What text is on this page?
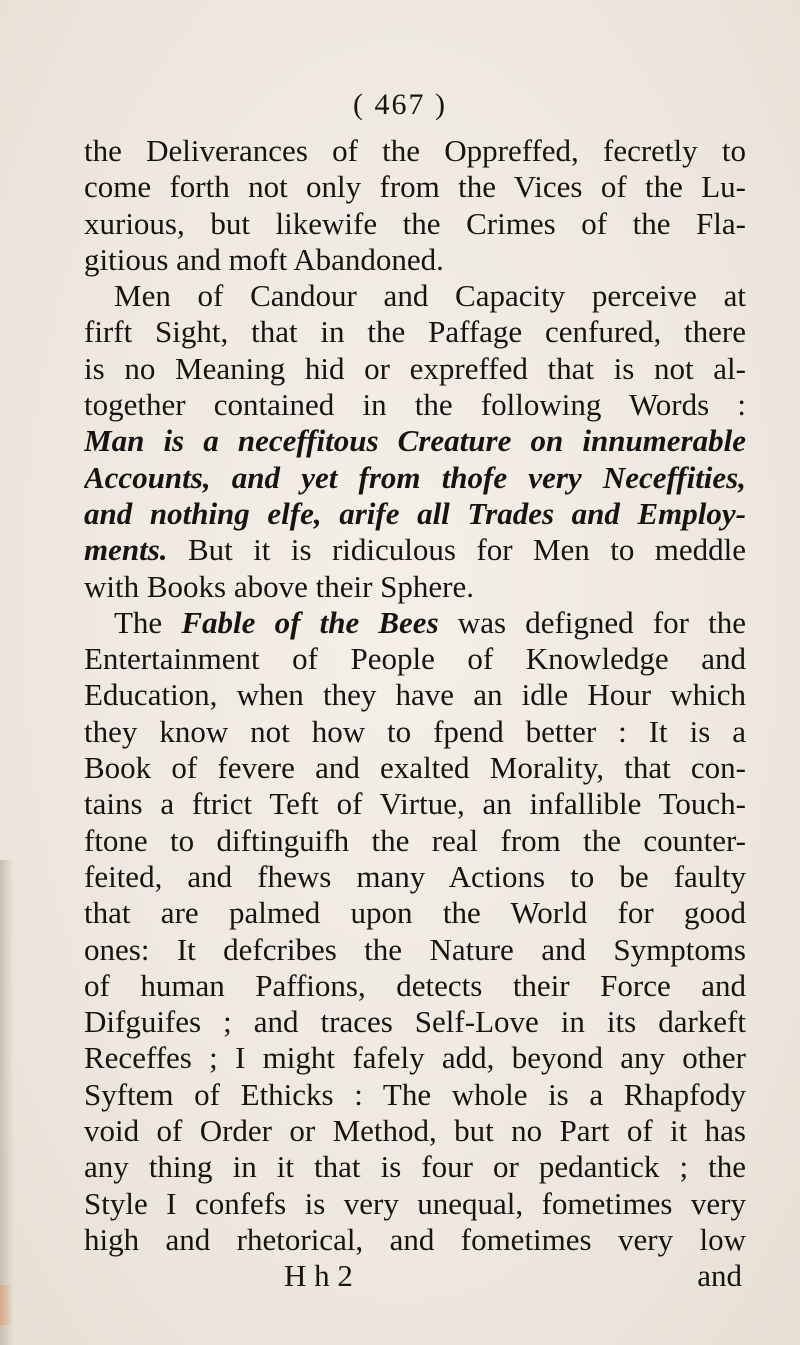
( 467 )
the Deliverances of the Oppreffed, fecretly to
come forth not only from the Vices of the Lu-
xurious, but likewife the Crimes of the Fla-
gitious and moft Abandoned.
Men of Candour and Capacity perceive at
firft Sight, that in the Paffage cenfured, there
is no Meaning hid or expreffed that is not al-
together contained in the following Words :
Man is a neceffitous Creature on innumerable
Accounts, and yet from thofe very Neceffities,
and nothing elfe, arife all Trades and Employ-
ments. But it is ridiculous for Men to meddle
with Books above their Sphere.
The Fable of the Bees was defigned for the
Entertainment of People of Knowledge and
Education, when they have an idle Hour which
they know not how to fpend better : It is a
Book of fevere and exalted Morality, that con-
tains a ftrict Teft of Virtue, an infallible Touch-
ftone to diftinguifh the real from the counter-
feited, and fhews many Actions to be faulty
that are palmed upon the World for good
ones: It defcribes the Nature and Symptoms
of human Paffions, detects their Force and
Difguifes ; and traces Self-Love in its darkeft
Receffes ; I might fafely add, beyond any other
Syftem of Ethicks : The whole is a Rhapfody
void of Order or Method, but no Part of it has
any thing in it that is four or pedantick ; the
Style I confefs is very unequal, fometimes very
high and rhetorical, and fometimes very low
H h 2	and
